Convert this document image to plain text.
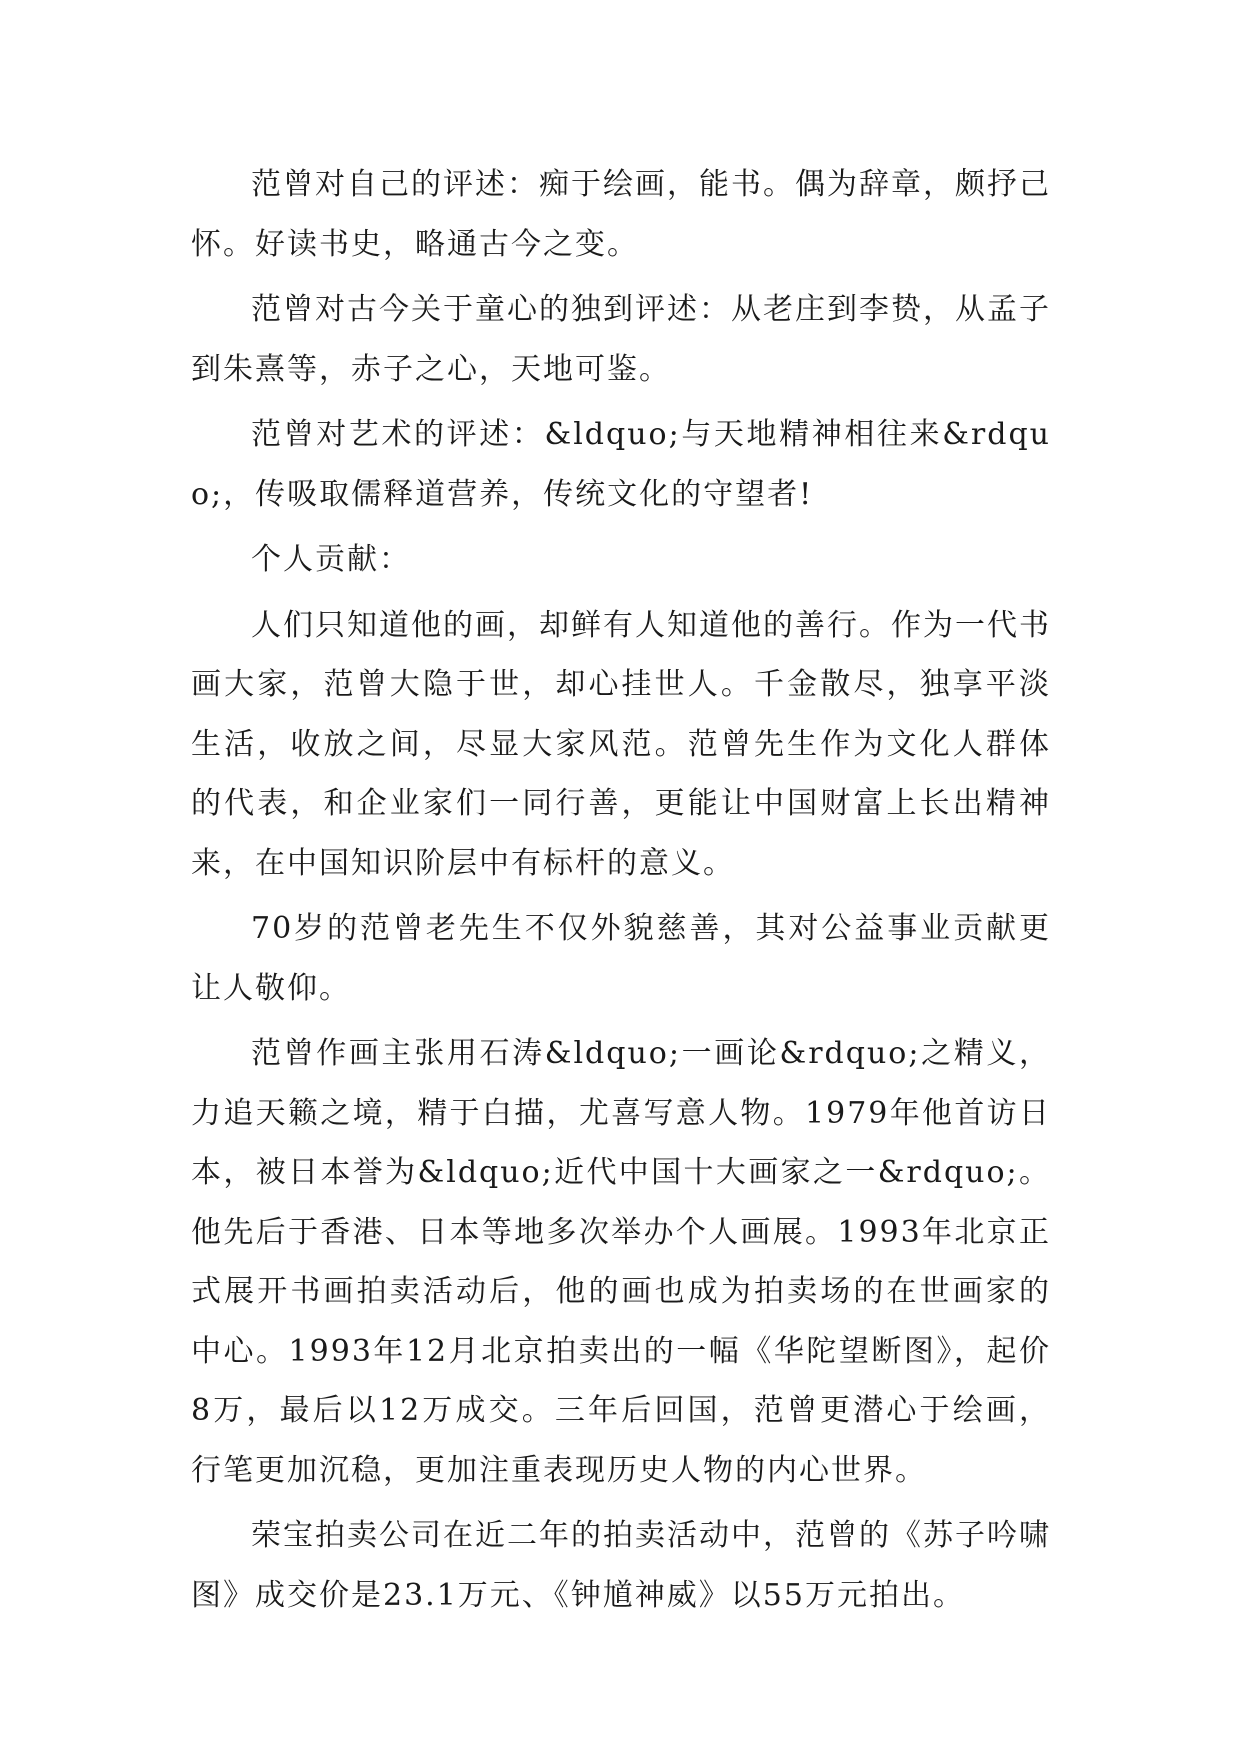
范曾对自己的评述：痴于绘画，能书。偶为辞章，颇抒己怀。好读书史，略通古今之变。

范曾对古今关于童心的独到评述：从老庄到李贽，从孟子到朱熹等，赤子之心，天地可鉴。

范曾对艺术的评述：&ldquo;与天地精神相往来&rdquo;，传吸取儒释道营养，传统文化的守望者!

个人贡献：

人们只知道他的画，却鲜有人知道他的善行。作为一代书画大家，范曾大隐于世，却心挂世人。千金散尽，独享平淡生活，收放之间，尽显大家风范。范曾先生作为文化人群体的代表，和企业家们一同行善，更能让中国财富上长出精神来，在中国知识阶层中有标杆的意义。

70岁的范曾老先生不仅外貌慈善，其对公益事业贡献更让人敬仰。

范曾作画主张用石涛&ldquo;一画论&rdquo;之精义，力追天籁之境，精于白描，尤喜写意人物。1979年他首访日本，被日本誉为&ldquo;近代中国十大画家之一&rdquo;。他先后于香港、日本等地多次举办个人画展。1993年北京正式展开书画拍卖活动后，他的画也成为拍卖场的在世画家的中心。1993年12月北京拍卖出的一幅《华陀望断图》，起价8万，最后以12万成交。三年后回国，范曾更潜心于绘画，行笔更加沉稳，更加注重表现历史人物的内心世界。

荣宝拍卖公司在近二年的拍卖活动中，范曾的《苏子吟啸图》成交价是23.1万元、《钟馗神威》以55万元拍出。
